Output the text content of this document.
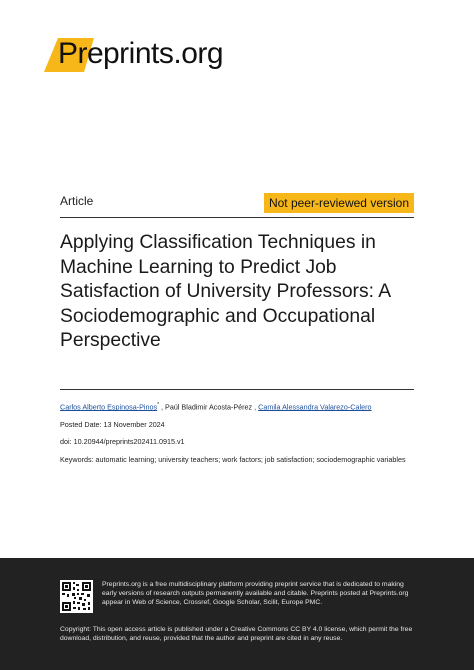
Pre prints.org
Article	Not peer-reviewed version
Applying Classification Techniques in Machine Learning to Predict Job Satisfaction of University Professors: A Sociodemographic and Occupational Perspective
Carlos Alberto Espinosa-Pinos* , Paúl Bladimir Acosta-Pérez , Camila Alessandra Valarezo-Calero
Posted Date: 13 November 2024
doi: 10.20944/preprints202411.0915.v1
Keywords: automatic learning; university teachers; work factors; job satisfaction; sociodemographic variables
Preprints.org is a free multidisciplinary platform providing preprint service that is dedicated to making early versions of research outputs permanently available and citable. Preprints posted at Preprints.org appear in Web of Science, Crossref, Google Scholar, Scilit, Europe PMC.
Copyright: This open access article is published under a Creative Commons CC BY 4.0 license, which permit the free download, distribution, and reuse, provided that the author and preprint are cited in any reuse.
